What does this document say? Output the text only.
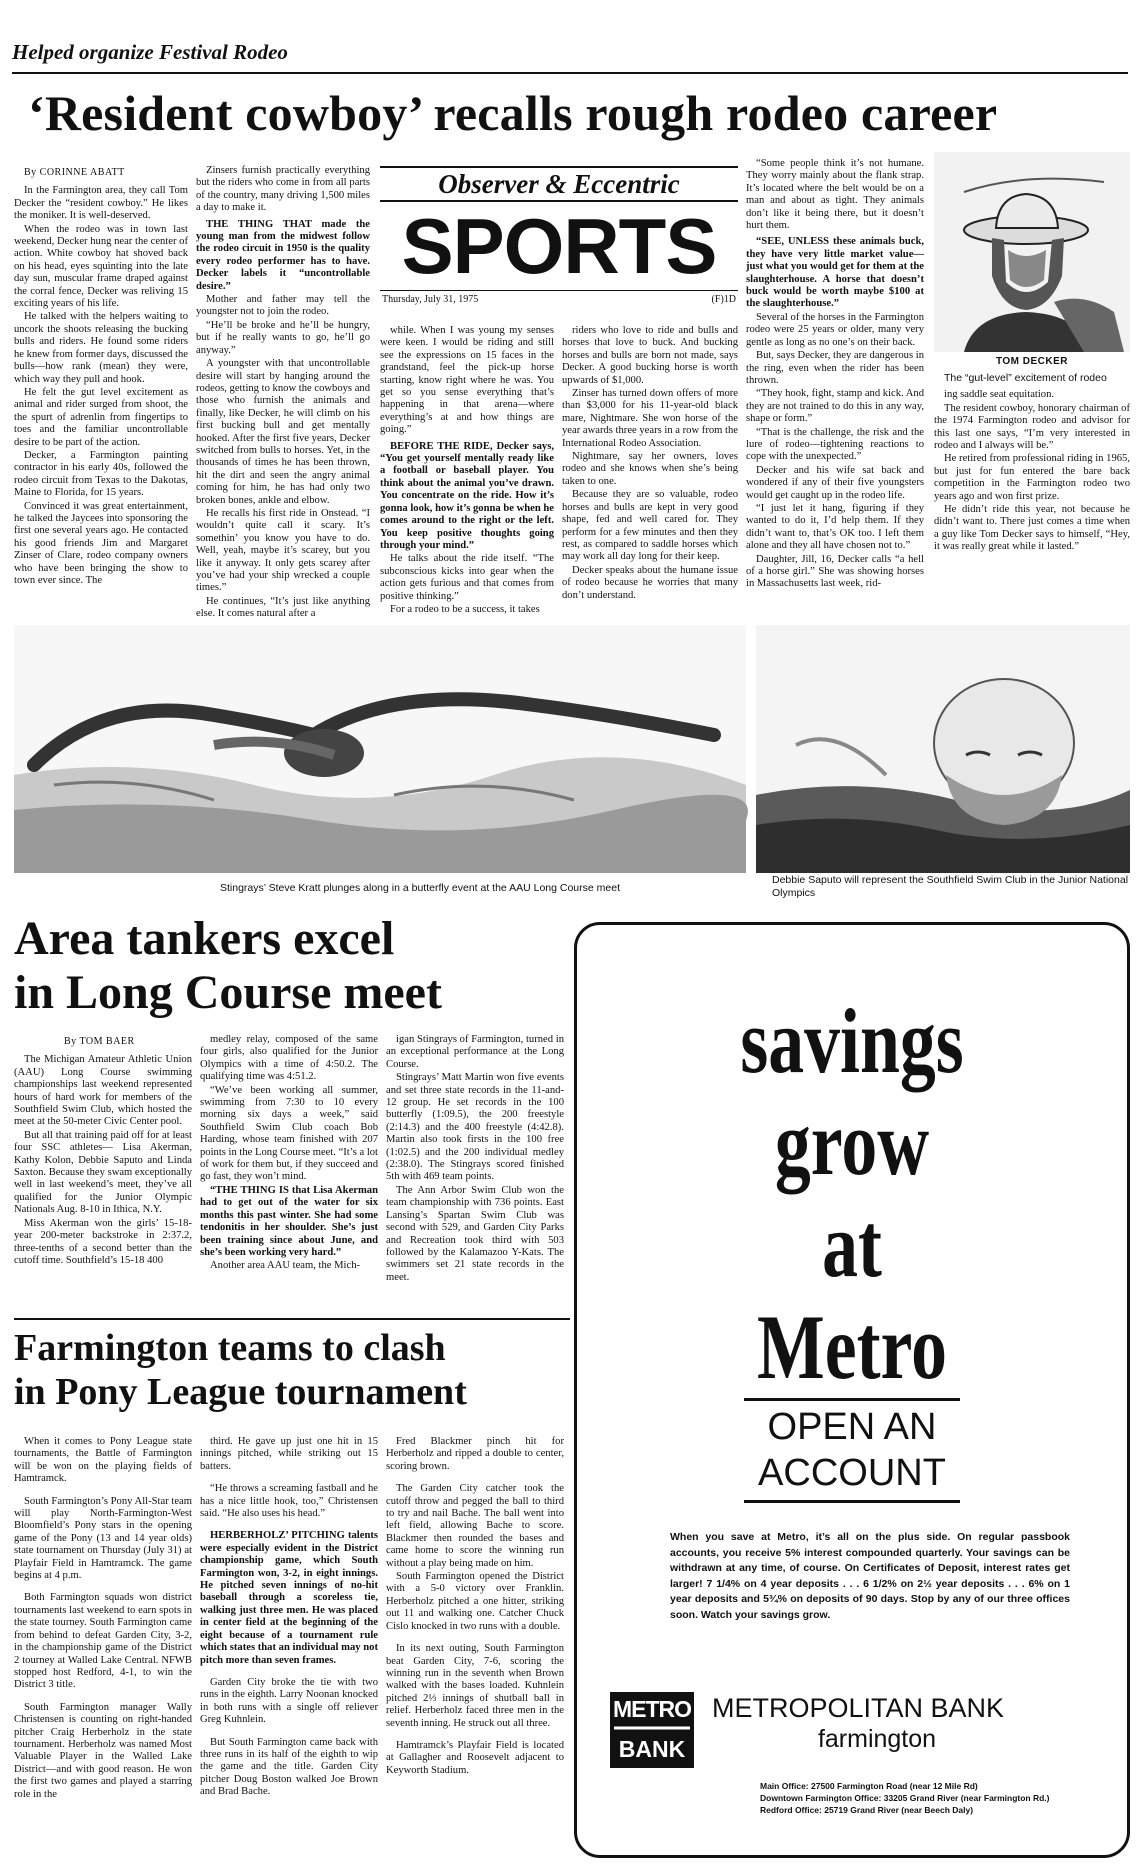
Helped organize Festival Rodeo
‘Resident cowboy’ recalls rough rodeo career
By CORINNE ABATT

In the Farmington area, they call Tom Decker the “resident cowboy.” He likes the moniker. It is well-deserved.

When the rodeo was in town last weekend, Decker hung near the center of action. White cowboy hat shoved back on his head, eyes squinting into the late day sun, muscular frame draped against the corral fence, Decker was reliving 15 exciting years of his life.

He talked with the helpers waiting to uncork the shoots releasing the bucking bulls and riders. He found some riders he knew from former days, discussed the bulls—how rank (mean) they were, which way they pull and hook.

He felt the gut level excitement as animal and rider surged from shoot, the the spurt of adrenlin from fingertips to toes and the familiar uncontrollable desire to be part of the action.

Decker, a Farmington painting contractor in his early 40s, followed the rodeo circuit from Texas to the Dakotas, Maine to Florida, for 15 years.

Convinced it was great entertainment, he talked the Jaycees into sponsoring the first one several years ago. He contacted his good friends Jim and Margaret Zinser of Clare, rodeo company owners who have been bringing the show to town ever since. The

Zinsers furnish practically everything but the riders who come in from all parts of the country, many driving 1,500 miles a day to make it.

THE THING THAT made the young man from the midwest follow the rodeo circuit in 1950 is the quality every rodeo performer has to have. Decker labels it “uncontrollable desire.”

Mother and father may tell the youngster not to join the rodeo.

“He’ll be broke and he’ll be hungry, but if he really wants to go, he’ll go anyway.”

A youngster with that uncontrollable desire will start by hanging around the rodeos, getting to know the cowboys and those who furnish the animals and finally, like Decker, he will climb on his first bucking bull and get mentally hooked. After the first five years, Decker switched from bulls to horses. Yet, in the thousands of times he has been thrown, hit the dirt and seen the angry animal coming for him, he has had only two broken bones, ankle and elbow.

He recalls his first ride in Onstead. “I wouldn’t quite call it scary. It’s somethin’ you know you have to do. Well, yeah, maybe it’s scarey, but you like it anyway. It only gets scarey after you’ve had your ship wrecked a couple times.”

He continues, “It’s just like anything else. It comes natural after a

Observer & Eccentric
SPORTS
Thursday, July 31, 1975	(F)1D

while. When I was young my senses were keen. I would be riding and still see the expressions on 15 faces in the grandstand, feel the pick-up horse starting, know right where he was. You get so you sense everything that’s happening in that arena—where everything’s at and how things are going.”

BEFORE THE RIDE, Decker says, “You get yourself mentally ready like a football or baseball player. You think about the animal you’ve drawn. You concentrate on the ride. How it’s gonna look, how it’s gonna be when he comes around to the right or the left. You keep positive thoughts going through your mind.”

He talks about the ride itself. “The subconscious kicks into gear when the action gets furious and that comes from positive thinking.”

For a rodeo to be a success, it takes

riders who love to ride and bulls and horses that love to buck. And bucking horses and bulls are born not made, says Decker. A good bucking horse is worth upwards of $1,000.

Zinser has turned down offers of more than $3,000 for his 11-year-old black mare, Nightmare. She won horse of the year awards three years in a row from the International Rodeo Association.

Nightmare, say her owners, loves rodeo and she knows when she’s being taken to one.

Because they are so valuable, rodeo horses and bulls are kept in very good shape, fed and well cared for. They perform for a few minutes and then they rest, as compared to saddle horses which may work all day long for their keep.

Decker speaks about the humane issue of rodeo because he worries that many don’t understand.

“Some people think it’s not humane. They worry mainly about the flank strap. It’s located where the belt would be on a man and about as tight. They animals don’t like it being there, but it doesn’t hurt them.

“SEE, UNLESS these animals buck, they have very little market value—just what you would get for them at the slaughterhouse. A horse that doesn’t buck would be worth maybe $100 at the slaughterhouse.”

Several of the horses in the Farmington rodeo were 25 years or older, many very gentle as long as no one’s on their back.

But, says Decker, they are dangerous in the ring, even when the rider has been thrown.

“They hook, fight, stamp and kick. And they are not trained to do this in any way, shape or form.”

“That is the challenge, the risk and the lure of rodeo—tightening reactions to cope with the unexpected.”

Decker and his wife sat back and wondered if any of their five youngsters would get caught up in the rodeo life.

“I just let it hang, figuring if they wanted to do it, I’d help them. If they didn’t want to, that’s OK too. I left them alone and they all have chosen not to.”

Daughter, Jill, 16, Decker calls “a hell of a horse girl.” She was showing horses in Massachusetts last week, rid-

TOM DECKER

The “gut-level” excitement of rodeo

ing saddle seat equitation.

The resident cowboy, honorary chairman of the 1974 Farmington rodeo and advisor for this last one says, “I’m very interested in rodeo and I always will be.”

He retired from professional riding in 1965, but just for fun entered the bare back competition in the Farmington rodeo two years ago and won first prize.

He didn’t ride this year, not because he didn’t want to. There just comes a time when a guy like Tom Decker says to himself, “Hey, it was really great while it lasted.”

Stingrays’ Steve Kratt plunges along in a butterfly event at the AAU Long Course meet
Debbie Saputo will represent the Southfield Swim Club in the Junior National Olympics
Area tankers excel
in Long Course meet
By TOM BAER

The Michigan Amateur Athletic Union (AAU) Long Course swimming championships last weekend represented hours of hard work for members of the Southfield Swim Club, which hosted the meet at the 50-meter Civic Center pool.

But all that training paid off for at least four SSC athletes— Lisa Akerman, Kathy Kolon, Debbie Saputo and Linda Saxton. Because they swam exceptionally well in last weekend’s meet, they’ve all qualified for the Junior Olympic Nationals Aug. 8-10 in Ithica, N.Y.

Miss Akerman won the girls’ 15-18-year 200-meter backstroke in 2:37.2, three-tenths of a second better than the cutoff time. Southfield’s 15-18 400

medley relay, composed of the same four girls, also qualified for the Junior Olympics with a time of 4:50.2. The qualifying time was 4:51.2.

“We’ve been working all summer, swimming from 7:30 to 10 every morning six days a week,” said Southfield Swim Club coach Bob Harding, whose team finished with 207 points in the Long Course meet. “It’s a lot of work for them but, if they succeed and go fast, they won’t mind.

“THE THING IS that Lisa Akerman had to get out of the water for six months this past winter. She had some tendonitis in her shoulder. She’s just been training since about June, and she’s been working very hard.”

Another area AAU team, the Mich-

igan Stingrays of Farmington, turned in an exceptional performance at the Long Course.

Stingrays’ Matt Martin won five events and set three state records in the 11-and-12 group. He set records in the 100 butterfly (1:09.5), the 200 freestyle (2:14.3) and the 400 freestyle (4:42.8). Martin also took firsts in the 100 free (1:02.5) and the 200 individual medley (2:38.0). The Stingrays scored finished 5th with 469 team points.

The Ann Arbor Swim Club won the team championship with 736 points. East Lansing’s Spartan Swim Club was second with 529, and Garden City Parks and Recreation took third with 503 followed by the Kalamazoo Y-Kats. The swimmers set 21 state records in the meet.

Farmington teams to clash
in Pony League tournament

When it comes to Pony League state tournaments, the Battle of Farmington will be won on the playing fields of Hamtramck.

South Farmington’s Pony All-Star team will play North-Farmington-West Bloomfield’s Pony stars in the opening game of the Pony (13 and 14 year olds) state tournament on Thursday (July 31) at Playfair Field in Hamtramck. The game begins at 4 p.m.

Both Farmington squads won district tournaments last weekend to earn spots in the state tourney. South Farmington came from behind to defeat Garden City, 3-2, in the championship game of the District 2 tourney at Walled Lake Central. NFWB stopped host Redford, 4-1, to win the District 3 title.

South Farmington manager Wally Christensen is counting on right-handed pitcher Craig Herberholz in the state tournament. Herberholz was named Most Valuable Player in the Walled Lake District—and with good reason. He won the first two games and played a starring role in the

third. He gave up just one hit in 15 innings pitched, while striking out 15 batters.

“He throws a screaming fastball and he has a nice little hook, too,” Christensen said. “He also uses his head.”

HERBERHOLZ’ PITCHING talents were especially evident in the District championship game, which South Farmington won, 3-2, in eight innings. He pitched seven innings of no-hit baseball through a scoreless tie, walking just three men. He was placed in center field at the beginning of the eight because of a tournament rule which states that an individual may not pitch more than seven frames.

Garden City broke the tie with two runs in the eighth. Larry Noonan knocked in both runs with a single off reliever Greg Kuhnlein.

But South Farmington came back with three runs in its half of the eighth to wip the game and the title. Garden City pitcher Doug Boston walked Joe Brown and Brad Bache.

Fred Blackmer pinch hit for Herberholz and ripped a double to center, scoring brown.

The Garden City catcher took the cutoff throw and pegged the ball to third to try and nail Bache. The ball went into left field, allowing Bache to score. Blackmer then rounded the bases and came home to score the winning run without a play being made on him.

South Farmington opened the District with a 5-0 victory over Franklin. Herberholz pitched a one hitter, striking out 11 and walking one. Catcher Chuck Cislo knocked in two runs with a double.

In its next outing, South Farmington beat Garden City, 7-6, scoring the winning run in the seventh when Brown walked with the bases loaded. Kuhnlein pitched 2⅓ innings of shutball ball in relief. Herberholz faced three men in the seventh inning. He struck out all three.

Hamtramck’s Playfair Field is located at Gallagher and Roosevelt adjacent to Keyworth Stadium.

savings
grow
at
Metro
OPEN AN
ACCOUNT
When you save at Metro, it’s all on the plus side. On regular passbook accounts, you receive 5% interest compounded quarterly. Your savings can be withdrawn at any time, of course. On Certificates of Deposit, interest rates get larger! 7 1/4% on 4 year deposits . . . 6 1/2% on 2½ year deposits . . . 6% on 1 year deposits and 5¾% on deposits of 90 days. Stop by any of our three offices soon. Watch your savings grow.
METRO
BANK
METROPOLITAN BANK
farmington
Main Office: 27500 Farmington Road (near 12 Mile Rd)
Downtown Farmington Office: 33205 Grand River (near Farmington Rd.)
Redford Office: 25719 Grand River (near Beech Daly)
